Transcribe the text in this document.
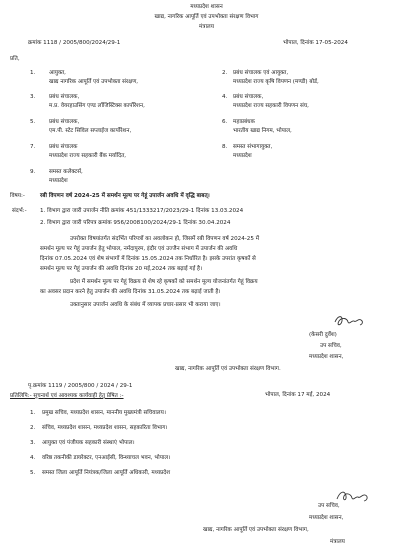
मध्यप्रदेश शासन
खाद्य, नागरिक आपूर्ति एवं उपभोक्ता संरक्षण विभाग
मंत्रालय
क्रमांक 1118 / 2005/800/2024/29-1	भोपाल, दिनांक 17-05-2024
प्रति,
1. आयुक्त,
खाद्य नागरिक आपूर्ति एवं उपभोक्ता संरक्षण,
3. प्रबंध संचालक,
म.प्र. वेयरहाउसिंग एण्ड लॉजिस्टिक्स कार्पोरेशन,
5. प्रबंध संचालक,
एम.पी. स्टेट सिविल सप्लाईज कार्पोरेशन,
7. प्रबंध संचालक
मध्यप्रदेश राज्य सहकारी बैंक मर्यादित,
9. समस्त कलेक्टर्स,
मध्यप्रदेश
2. प्रबंध संचालक एवं आयुक्त,
मध्यप्रदेश राज्य कृषि विपणन (मण्डी) बोर्ड,
4. प्रबंध संचालक,
मध्यप्रदेश राज्य सहकारी विपणन संघ,
6. महाप्रबंधक
भारतीय खाद्य निगम, भोपाल,
8. समस्त संभागायुक्त,
मध्यप्रदेश
विषय:-	रबी विपणन वर्ष 2024-25 में समर्थन मूल्य पर गेहूं उपार्जन अवधि में वृद्धि बाबत्।
संदर्भ:- 1. विभाग द्वारा जारी उपार्जन नीति क्रमांक 451/1333217/2023/29-1 दिनांक 13.03.2024
2. विभाग द्वारा जारी परिपत्र क्रमांक 956/2008100/2024/29-1 दिनांक 30.04.2024
उपरोक्त विषयांतर्गत संदर्भित परिपत्रों का अवलोकन हो, जिसमें रबी विपणन वर्ष 2024-25 में
समर्थन मूल्य पर गेहूं उपार्जन हेतु भोपाल, नर्मदापुरम, इंदौर एवं उज्जैन संभाग में उपार्जन की अवधि
दिनांक 07.05.2024 एवं शेष संभागों में दिनांक 15.05.2024 तक निर्धारित है। इसके उपरांत कृषकों से
समर्थन मूल्य पर गेहूं उपार्जन की अवधि दिनांक 20 मई,2024 तक बढ़ाई गई है।
प्रदेश में समर्थन मूल्य पर गेहूं विक्रय से शेष रहे कृषकों को समर्थन मूल्य योजनांतर्गत गेहूं विक्रय
का अवसर प्रदान करने हेतु उपार्जन की अवधि दिनांक 31.05.2024 तक बढ़ाई जाती है।
उक्तानुसार उपार्जन अवधि के संबंध में व्यापक प्रचार-प्रसार भी कराया जाए।
(केसरी दुर्वेश)
उप सचिव,
मध्यप्रदेश शासन,
खाद्य, नागरिक आपूर्ति एवं उपभोक्ता संरक्षण विभाग.
पृ.क्रमांक 1119 / 2005/800 / 2024 / 29-1
भोपाल, दिनांक 17 मई, 2024
प्रतिलिपि:- सूचनार्थ एवं आवश्यक कार्यवाही हेतु प्रेषित :-
1. प्रमुख सचिव, मध्यप्रदेश शासन, माननीय मुख्यमंत्री सचिवालय।
2. संचिव, मध्यप्रदेश शासन, मध्यप्रदेश शासन, सहकारिता विभाग।
3. आयुक्त एवं पंजीयक सहकारी संस्थाएं भोपाल।
4. वरिष्ठ तकनीकी डायरेक्टर, एनआईसी, विन्ध्याचल भवन, भोपाल।
5. समस्त जिला आपूर्ति नियंत्रक/जिला आपूर्ति अधिकारी, मध्यप्रदेश
उप सचिव,
मध्यप्रदेश शासन,
खाद्य, नागरिक आपूर्ति एवं उपभोक्ता संरक्षण विभाग,
मंत्रालय
